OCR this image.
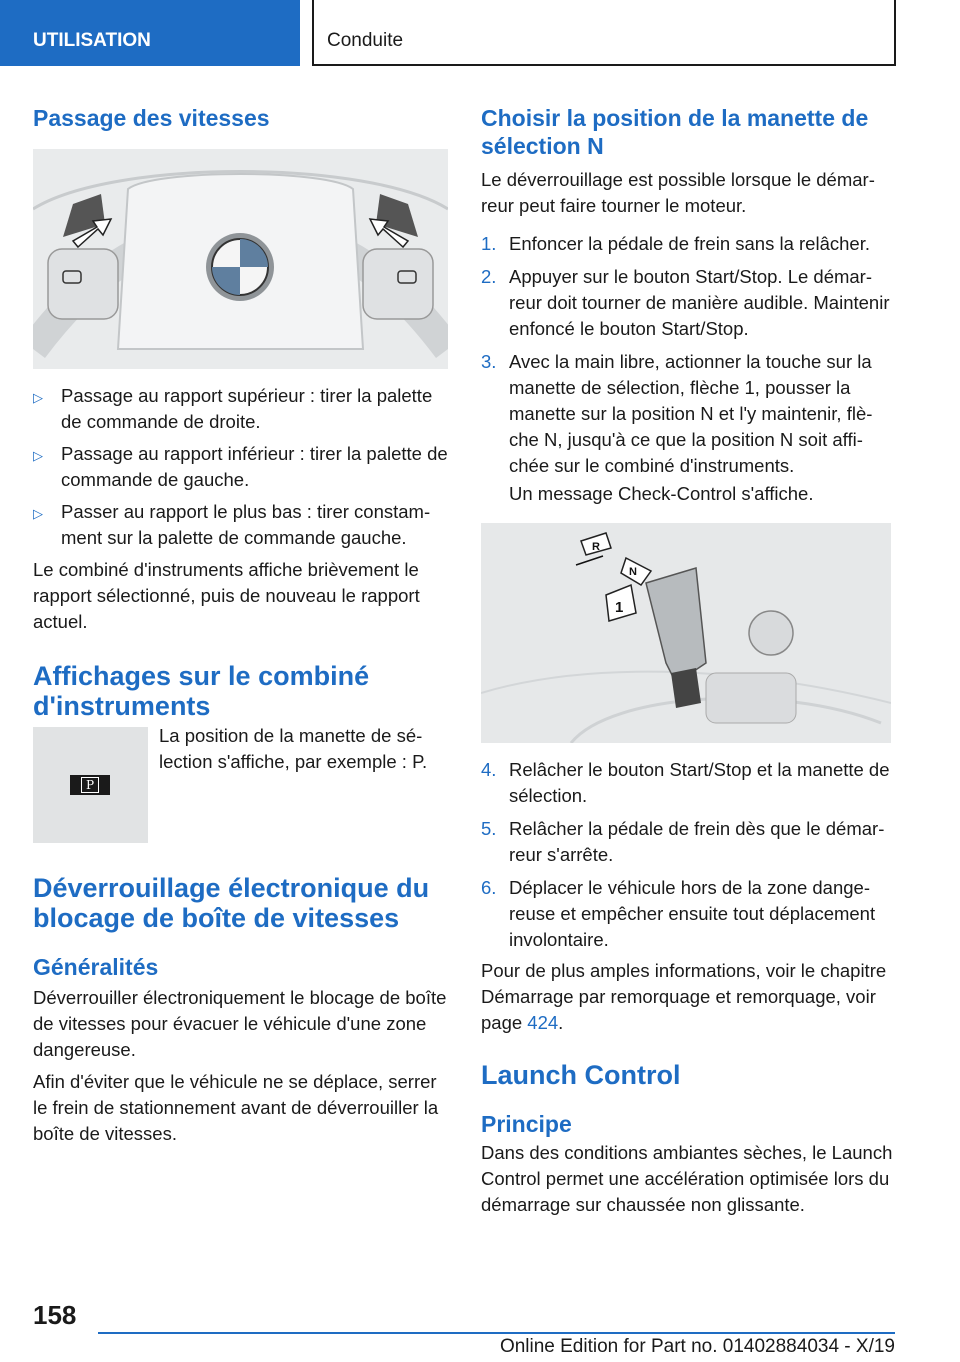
UTILISATION	Conduite
Passage des vitesses
▷ Passage au rapport supérieur : tirer la palette de commande de droite.
▷ Passage au rapport inférieur : tirer la palette de commande de gauche.
▷ Passer au rapport le plus bas : tirer constamment sur la palette de commande gauche.

Le combiné d'instruments affiche brièvement le rapport sélectionné, puis de nouveau le rapport actuel.

Affichages sur le combiné d'instruments
P

La position de la manette de sélection s'affiche, par exemple : P.

Déverrouillage électronique du blocage de boîte de vitesses
Généralités

Déverrouiller électroniquement le blocage de boîte de vitesses pour évacuer le véhicule d'une zone dangereuse.

Afin d'éviter que le véhicule ne se déplace, serrer le frein de stationnement avant de déverrouiller la boîte de vitesses.

Choisir la position de la manette de sélection N

Le déverrouillage est possible lorsque le démarreur peut faire tourner le moteur.

1. Enfoncer la pédale de frein sans la relâcher.
2. Appuyer sur le bouton Start/Stop. Le démarreur doit tourner de manière audible. Maintenir enfoncé le bouton Start/Stop.
3. Avec la main libre, actionner la touche sur la manette de sélection, flèche 1, pousser la manette sur la position N et l'y maintenir, flèche N, jusqu'à ce que la position N soit affichée sur le combiné d'instruments.
Un message Check-Control s'affiche.
R
N
1
4. Relâcher le bouton Start/Stop et la manette de sélection.
5. Relâcher la pédale de frein dès que le démarreur s'arrête.
6. Déplacer le véhicule hors de la zone dangereuse et empêcher ensuite tout déplacement involontaire.

Pour de plus amples informations, voir le chapitre Démarrage par remorquage et remorquage, voir page 424.

Launch Control
Principe

Dans des conditions ambiantes sèches, le Launch Control permet une accélération optimisée lors du démarrage sur chaussée non glissante.

158
Online Edition for Part no. 01402884034 - X/19
